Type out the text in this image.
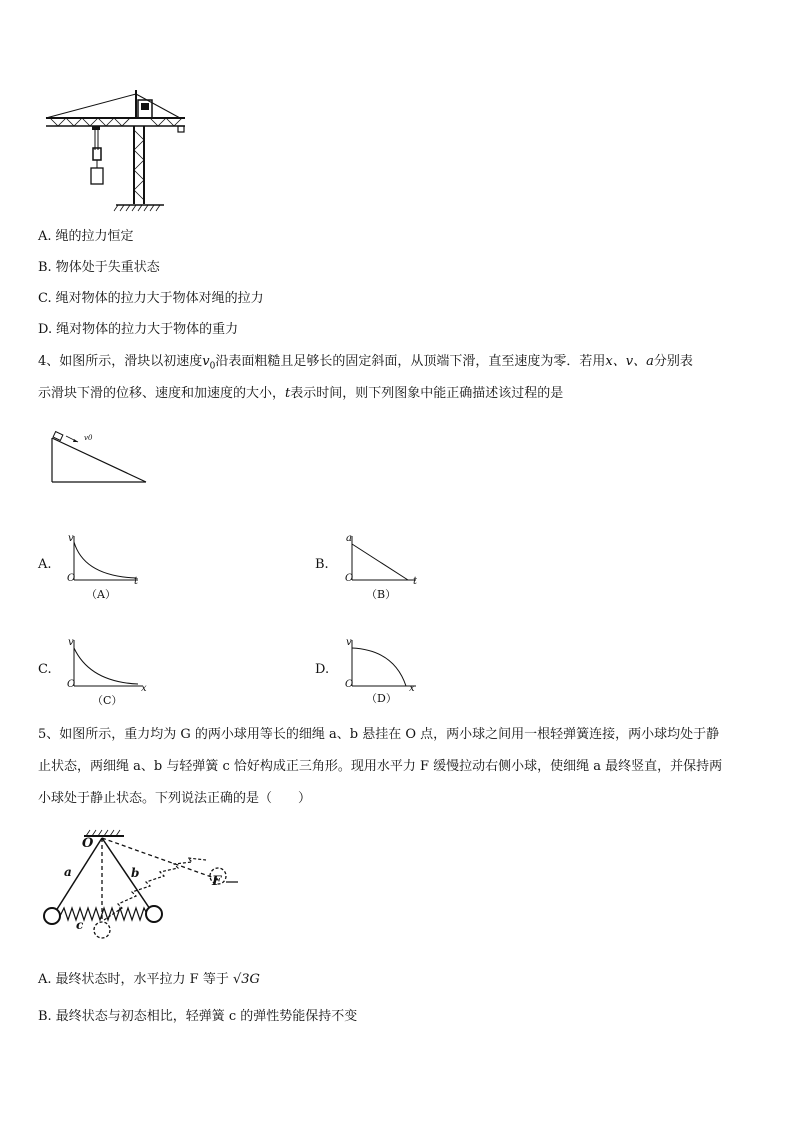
A. 绳的拉力恒定
B. 物体处于失重状态
C. 绳对物体的拉力大于物体对绳的拉力
D. 绳对物体的拉力大于物体的重力
4、如图所示，滑块以初速度$v_0$沿表面粗糙且足够长的固定斜面，从顶端下滑，直至速度为零．若用x、v、a分别表
示滑块下滑的位移、速度和加速度的大小，t表示时间，则下列图象中能正确描述该过程的是
v0
A.
v
O	t
（A）
B.
a
O	t
（B）
C.
v
O	x
（C）
D.
v
O	x
（D）
5、如图所示，重力均为 G 的两小球用等长的细绳 a、b 悬挂在 O 点，两小球之间用一根轻弹簧连接，两小球均处于静
止状态，两细绳 a、b 与轻弹簧 c 恰好构成正三角形。现用水平力 F 缓慢拉动右侧小球，使细绳 a 最终竖直，并保持两
小球处于静止状态。下列说法正确的是（　　）
O
a	b
c
F
A. 最终状态时，水平拉力 F 等于 √3G
B. 最终状态与初态相比，轻弹簧 c 的弹性势能保持不变
